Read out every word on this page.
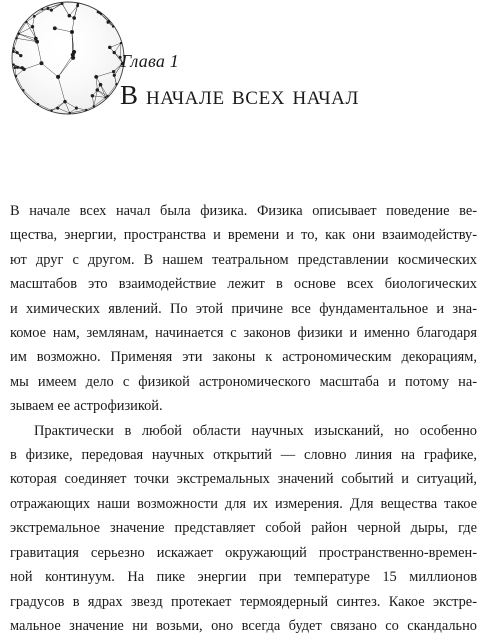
Глава 1
В начале всех начал
В начале всех начал была физика. Физика описывает поведение ве-
щества, энергии, пространства и времени и то, как они взаимодейству-
ют друг с другом. В нашем театральном представлении космических
масштабов это взаимодействие лежит в основе всех биологических
и химических явлений. По этой причине все фундаментальное и зна-
комое нам, землянам, начинается с законов физики и именно благодаря
им возможно. Применяя эти законы к астрономическим декорациям,
мы имеем дело с физикой астрономического масштаба и потому на-
зываем ее астрофизикой.
Практически в любой области научных изысканий, но особенно
в физике, передовая научных открытий — словно линия на графике,
которая соединяет точки экстремальных значений событий и ситуаций,
отражающих наши возможности для их измерения. Для вещества такое
экстремальное значение представляет собой район черной дыры, где
гравитация серьезно искажает окружающий пространственно-времен-
ной континуум. На пике энергии при температуре 15 миллионов
градусов в ядрах звезд протекает термоядерный синтез. Какое экстре-
мальное значение ни возьми, оно всегда будет связано со скандально
